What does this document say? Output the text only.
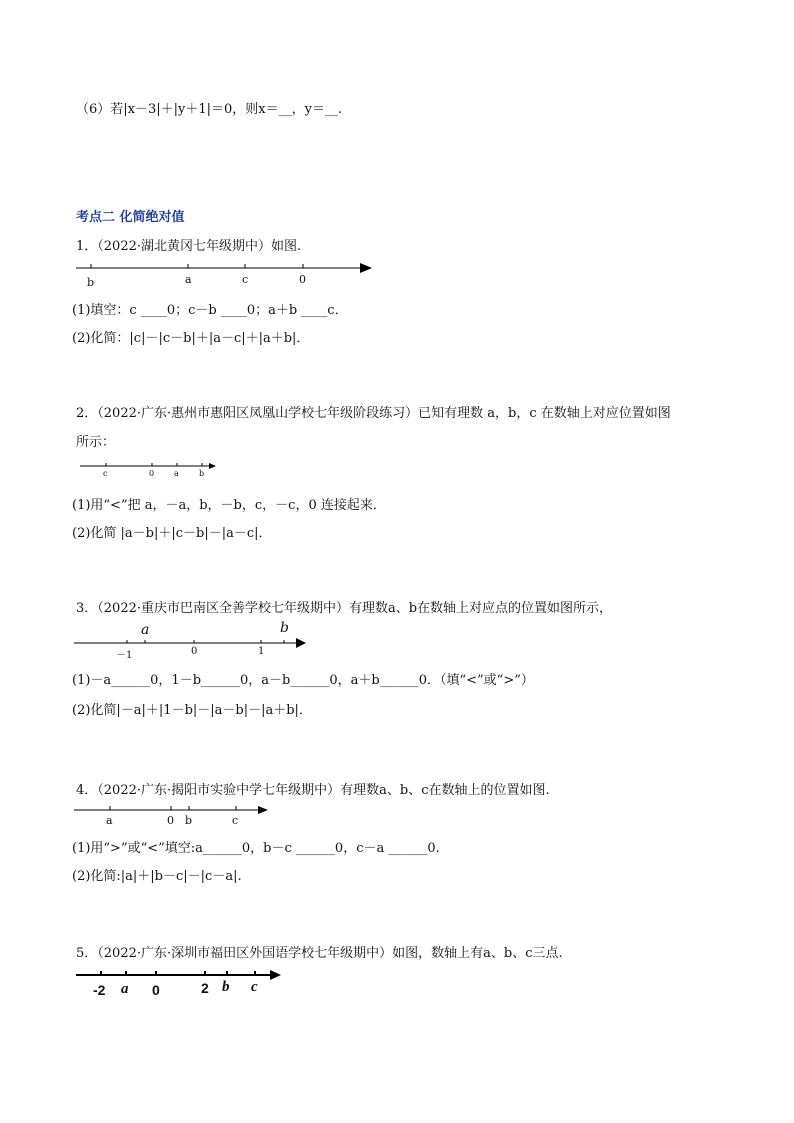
（6）若|x－3|＋|y＋1|＝0，则x＝__，y＝__.
考点二 化简绝对值
1．（2022·湖北黄冈七年级期中）如图.
b	a	c	0
(1)填空：c ____0；c－b ____0；a＋b ____c．
(2)化简：|c|－|c－b|＋|a－c|＋|a＋b|．
2．（2022·广东·惠州市惠阳区凤凰山学校七年级阶段练习）已知有理数 a，b，c 在数轴上对应位置如图
所示：
c	0 a	b
(1)用“<”把 a，－a，b，－b，c，－c，0 连接起来．
(2)化简 |a－b|＋|c－b|－|a－c|．
3．（2022·重庆市巴南区全善学校七年级期中）有理数a、b在数轴上对应点的位置如图所示，
a	b
－1	0	1
(1)－a______0，1－b______0，a－b______0，a＋b______0．（填“<”或“>”）
(2)化简|－a|＋|1－b|－|a－b|－|a＋b|．
4．（2022·广东·揭阳市实验中学七年级期中）有理数a、b、c在数轴上的位置如图.
a	0 b	c
(1)用“>”或“<”填空:a______0，b－c ______0，c－a ______0.
(2)化简:|a|＋|b－c|－|c－a|.
5．（2022·广东·深圳市福田区外国语学校七年级期中）如图，数轴上有a、b、c三点.
-2 a 0	2 b c
